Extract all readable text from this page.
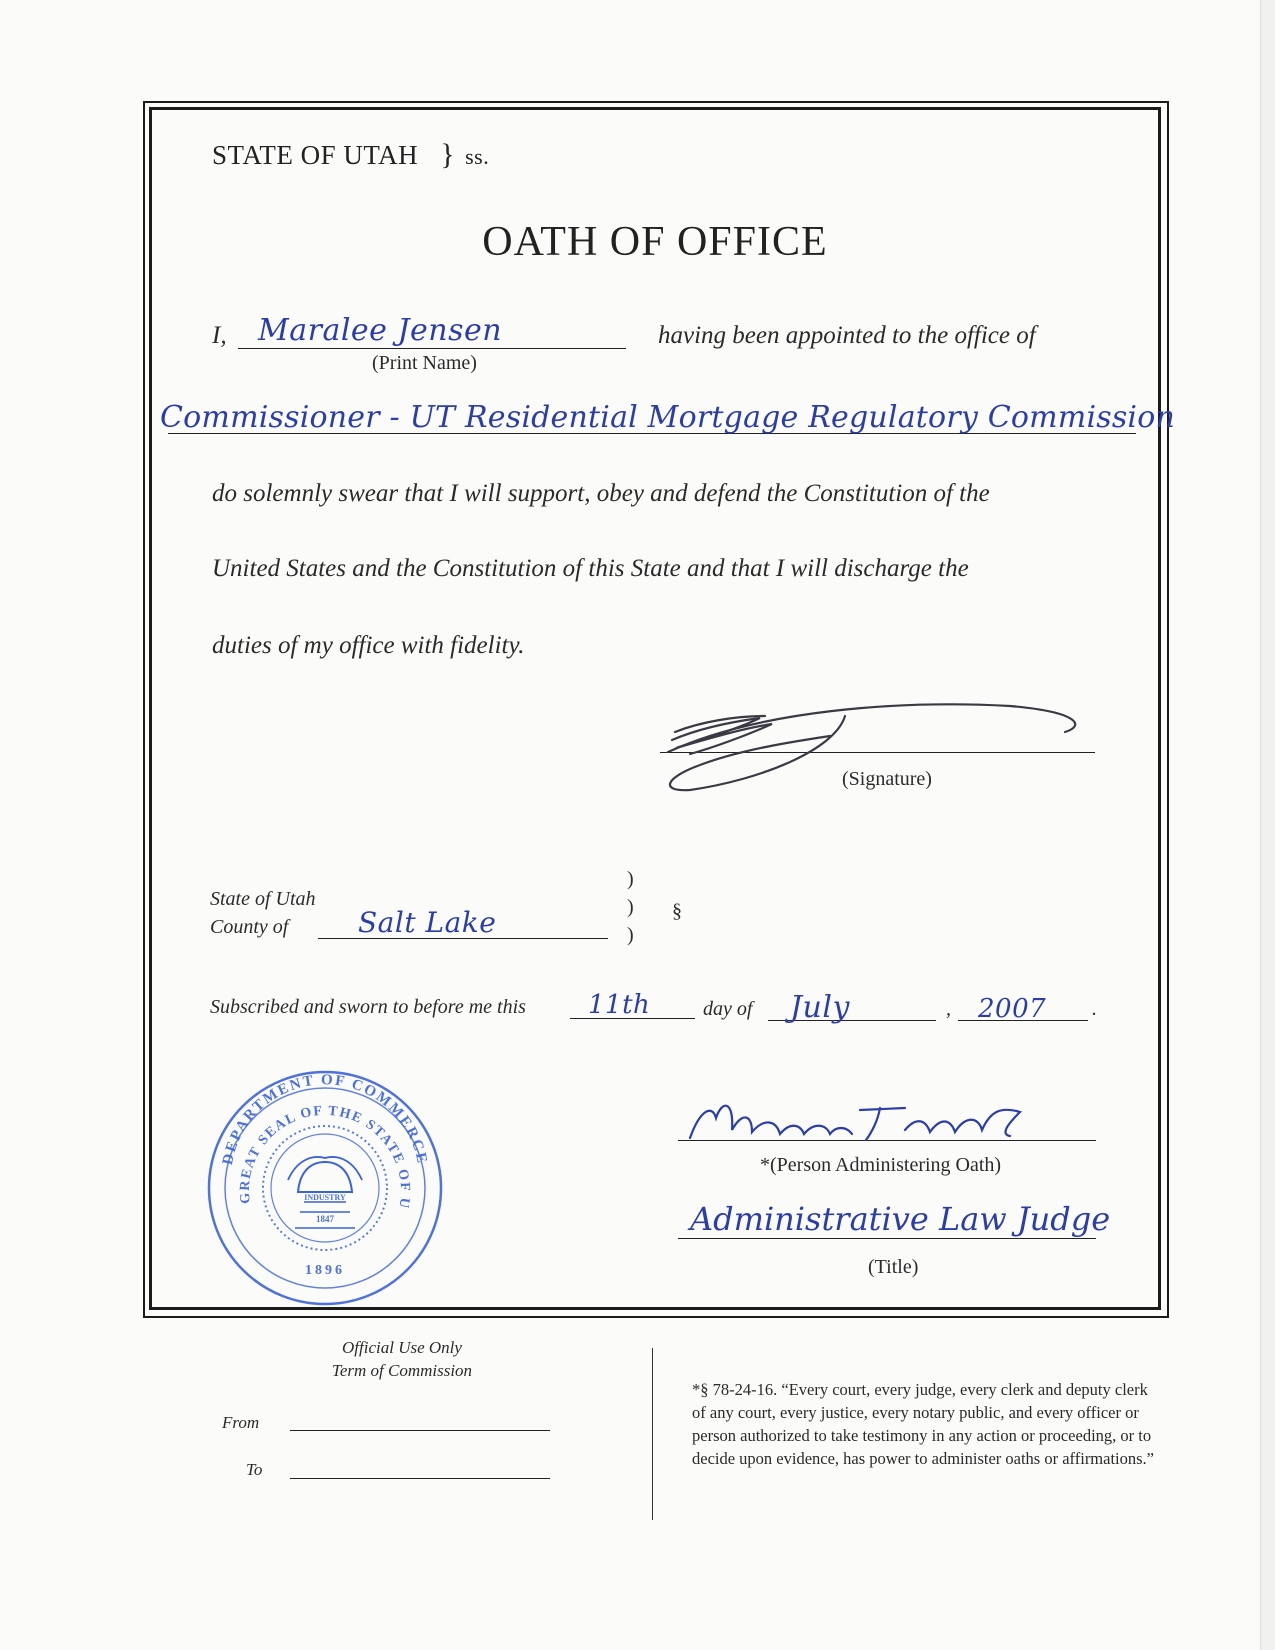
STATE OF UTAH } ss.
OATH OF OFFICE
I, Maralee Jensen
(Print Name)
having been appointed to the office of
Commissioner - UT Residential Mortgage Regulatory Commission
do solemnly swear that I will support, obey and defend the Constitution of the
United States and the Constitution of this State and that I will discharge the
duties of my office with fidelity.
(Signature)
State of Utah
County of Salt Lake
)
)
)
§
Subscribed and sworn to before me this 11th	day of July	, 2007 .
*(Person Administering Oath)
Administrative Law Judge
(Title)
DEPARTMENT OF COMMERCE
THE GREAT SEAL OF THE STATE OF UTAH
INDUSTRY
1847
1896
Official Use Only
Term of Commission
From
To
*§ 78-24-16. “Every court, every judge, every clerk and deputy clerk of any court, every justice, every notary public, and every officer or person authorized to take testimony in any action or proceeding, or to decide upon evidence, has power to administer oaths or affirmations.”
